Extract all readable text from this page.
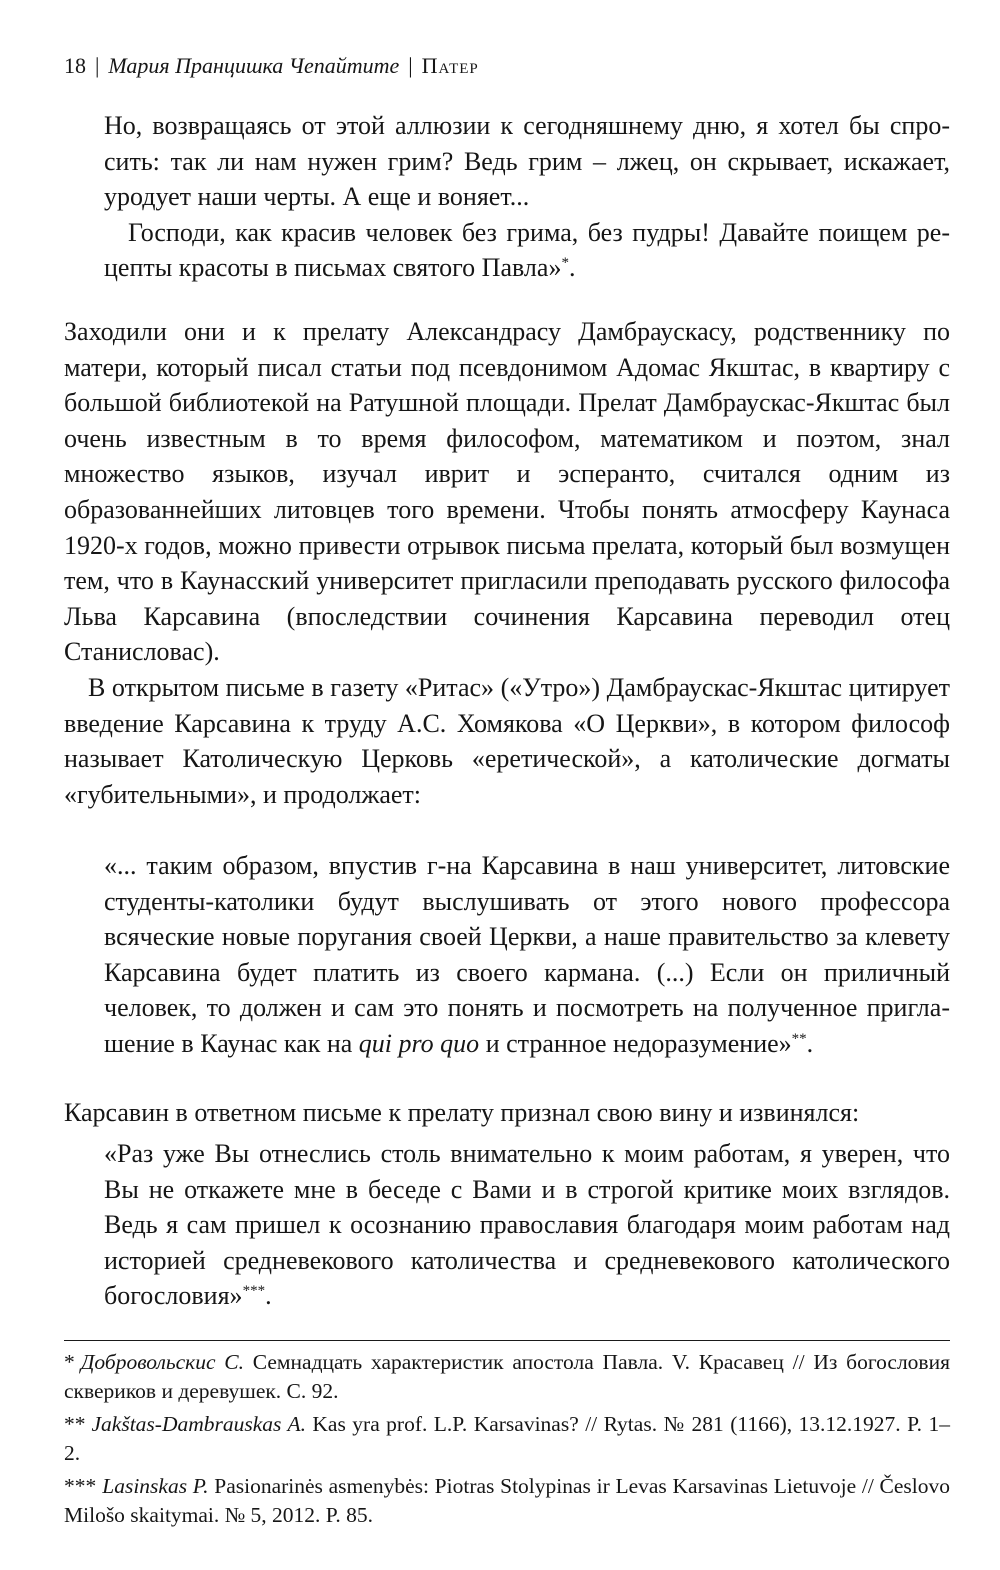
18 | Мария Пранцишка Чепайтите | Патер

Но, возвращаясь от этой аллюзии к сегодняшнему дню, я хотел бы спросить: так ли нам нужен грим? Ведь грим – лжец, он скрывает, искажает, уродует наши черты. А еще и воняет...

Господи, как красив человек без грима, без пудры! Давайте поищем рецепты красоты в письмах святого Павла»*.

Заходили они и к прелату Александрасу Дамбраускасу, родственнику по матери, который писал статьи под псевдонимом Адомас Якштас, в квартиру с большой библиотекой на Ратушной площади. Прелат Дамбраускас-Якштас был очень известным в то время философом, математиком и поэтом, знал множество языков, изучал иврит и эсперанто, считался одним из образованнейших литовцев того времени. Чтобы понять атмосферу Каунаса 1920-х годов, можно привести отрывок письма прелата, который был возмущен тем, что в Каунасский университет пригласили преподавать русского философа Льва Карсавина (впоследствии сочинения Карсавина переводил отец Станисловас).

В открытом письме в газету «Ритас» («Утро») Дамбраускас-Якштас цитирует введение Карсавина к труду А.С. Хомякова «О Церкви», в котором философ называет Католическую Церковь «еретической», а католические догматы «губительными», и продолжает:

«... таким образом, впустив г-на Карсавина в наш университет, литовские студенты-католики будут выслушивать от этого нового профессора всяческие новые поругания своей Церкви, а наше правительство за клевету Карсавина будет платить из своего кармана. (...) Если он приличный человек, то должен и сам это понять и посмотреть на полученное приглашение в Каунас как на qui pro quo и странное недоразумение»**.

Карсавин в ответном письме к прелату признал свою вину и извинялся:

«Раз уже Вы отнеслись столь внимательно к моим работам, я уверен, что Вы не откажете мне в беседе с Вами и в строгой критике моих взглядов. Ведь я сам пришел к осознанию православия благодаря моим работам над историей средневекового католичества и средневекового католического богословия»***.

* Добровольскис С. Семнадцать характеристик апостола Павла. V. Красавец // Из богословия сквериков и деревушек. С. 92.

** Jakštas-Dambrauskas A. Kas yra prof. L.P. Karsavinas? // Rytas. № 281 (1166), 13.12.1927. P. 1–2.

*** Lasinskas P. Pasionarinės asmenybės: Piotras Stolypinas ir Levas Karsavinas Lietuvoje // Česlovo Milošo skaitymai. № 5, 2012. P. 85.
